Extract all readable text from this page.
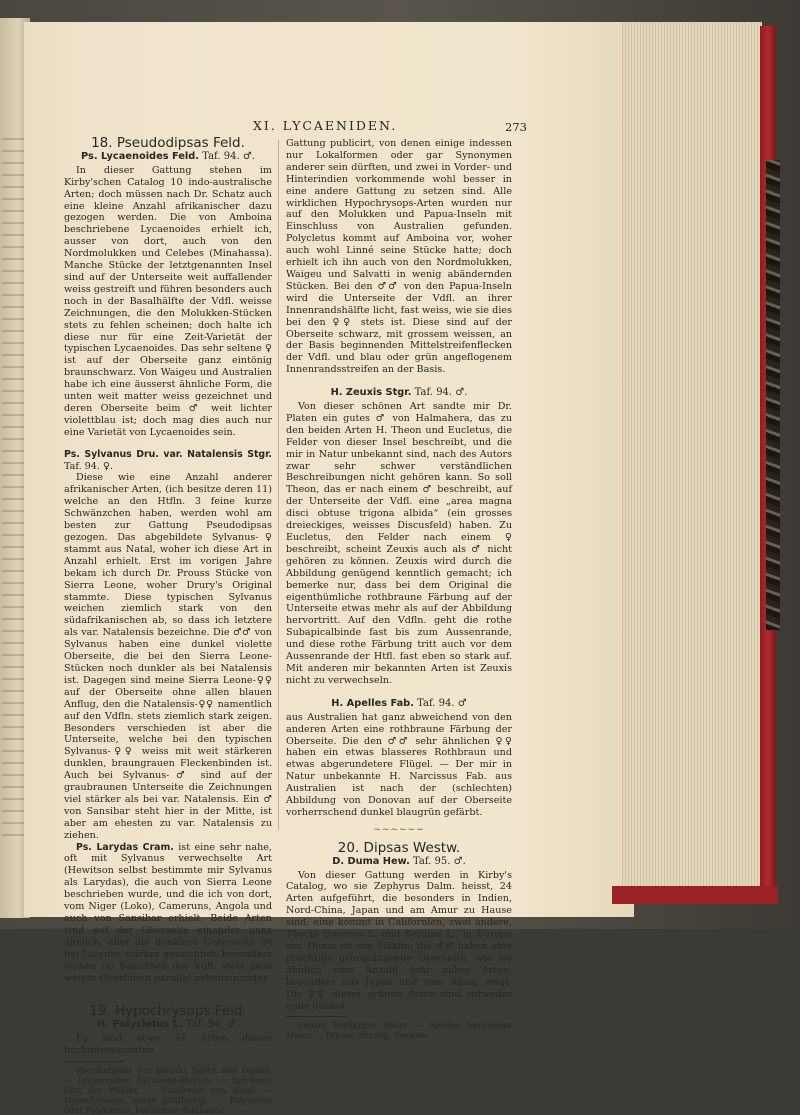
XI. LYCAENIDEN.	273
18. Pseudodipsas Feld.
Ps. Lycaenoides Feld. Taf. 94. ♂.

In dieser Gattung stehen im Kirby'schen Catalog 10 indo-australische Arten; doch müssen nach Dr. Schatz auch eine kleine Anzahl afrikanischer dazu gezogen werden. Die von Amboina beschriebene Lycaenoides erhielt ich, ausser von dort, auch von den Nordmolukken und Celebes (Minahassa). Manche Stücke der letztgenannten Insel sind auf der Unterseite weit auffallender weiss gestreift und führen besonders auch noch in der Basalhälfte der Vdfl. weisse Zeichnungen, die den Molukken-Stücken stets zu fehlen scheinen; doch halte ich diese nur für eine Zeit-Varietät der typischen Lycaenoides. Das sehr seltene ♀ ist auf der Oberseite ganz eintönig braunschwarz. Von Waigeu und Australien habe ich eine äusserst ähnliche Form, die unten weit matter weiss gezeichnet und deren Oberseite beim ♂ weit lichter violettblau ist; doch mag dies auch nur eine Varietät von Lycaenoides sein.

Ps. Sylvanus Dru. var. Natalensis Stgr. Taf. 94. ♀.

Diese wie eine Anzahl anderer afrikanischer Arten, (ich besitze deren 11) welche an den Htfln. 3 feine kurze Schwänzchen haben, werden wohl am besten zur Gattung Pseudodipsas gezogen. Das abgebildete Sylvanus-♀ stammt aus Natal, woher ich diese Art in Anzahl erhielt. Erst im vorigen Jahre bekam ich durch Dr. Prouss Stücke von Sierra Leone, woher Drury's Original stammte. Diese typischen Sylvanus weichen ziemlich stark von den südafrikanischen ab, so dass ich letztere als var. Natalensis bezeichne. Die ♂♂ von Sylvanus haben eine dunkel violette Oberseite, die bei den Sierra Leone-Stücken noch dunkler als bei Natalensis ist. Dagegen sind meine Sierra Leone-♀♀ auf der Oberseite ohne allen blauen Anflug, den die Natalensis-♀♀ namentlich auf den Vdfln. stets ziemlich stark zeigen. Besonders verschieden ist aber die Unterseite, welche bei den typischen Sylvanus-♀♀ weiss mit weit stärkeren dunklen, braungrauen Fleckenbinden ist. Auch bei Sylvanus-♂ sind auf der graubraunen Unterseite die Zeichnungen viel stärker als bei var. Natalensis. Ein ♂ von Sansibar steht hier in der Mitte, ist aber am ehesten zu var. Natalensis zu ziehen.

Ps. Larydas Cram. ist eine sehr nahe, oft mit Sylvanus verwechselte Art (Hewitson selbst bestimmte mir Sylvanus als Larydas), die auch von Sierra Leone beschrieben wurde, und die ich von dort, vom Niger (Loko), Cameruns, Angola und auch von Sansibar erhielt. Beide Arten sind auf der Oberseite einander ganz ähnlich, aber die dunklere Unterseite ist bei Larydas stärker gezeichnet, besonders stehen im Basaltheil der Vdfl. stets zwei weisse Querlinien parallel nebeneinander.

19. Hypochrysops Feld.
H. Polycletus L. Taf. 94. ♂.

Es sind etwa 24 Arten dieser hochinteressanten

Pseudodipsas von pseudo, falsch und Dipsas. — Lycaenoides, Lycaenen-ähnlich. — Sylvanus, Gott der Wälder. — Natalensis von Natal. — Hypochrysops, unten goldfarbig. — Polycletus oder Polykleitos, berühmter Bildhauer.

Gattung publicirt, von denen einige indessen nur Lokalformen oder gar Synonymen anderer sein dürften, und zwei in Vorder- und Hinterindien vorkommende wohl besser in eine andere Gattung zu setzen sind. Alle wirklichen Hypochrysops-Arten wurden nur auf den Molukken und Papua-Inseln mit Einschluss von Australien gefunden. Polycletus kommt auf Amboina vor, woher auch wohl Linné seine Stücke hatte; doch erhielt ich ihn auch von den Nordmolukken, Waigeu und Salvatti in wenig abändernden Stücken. Bei den ♂♂ von den Papua-Inseln wird die Unterseite der Vdfl. an ihrer Innenrandshälfte licht, fast weiss, wie sie dies bei den ♀♀ stets ist. Diese sind auf der Oberseite schwarz, mit grossem weissen, an der Basis beginnenden Mittelstreifenflecken der Vdfl. und blau oder grün angeflogenem Innenrandsstreifen an der Basis.

H. Zeuxis Stgr. Taf. 94. ♂.

Von dieser schönen Art sandte mir Dr. Platen ein gutes ♂ von Halmahera, das zu den beiden Arten H. Theon und Eucletus, die Felder von dieser Insel beschreibt, und die mir in Natur unbekannt sind, nach des Autors zwar sehr schwer verständlichen Beschreibungen nicht gehören kann. So soll Theon, das er nach einem ♂ beschreibt, auf der Unterseite der Vdfl. eine „area magna disci obtuse trigona albida“ (ein grosses dreieckiges, weisses Discusfeld) haben. Zu Eucletus, den Felder nach einem ♀ beschreibt, scheint Zeuxis auch als ♂ nicht gehören zu können. Zeuxis wird durch die Abbildung genügend kenntlich gemacht; ich bemerke nur, dass bei dem Original die eigenthümliche rothbraune Färbung auf der Unterseite etwas mehr als auf der Abbildung hervortritt. Auf den Vdfln. geht die rothe Subapicalbinde fast bis zum Aussenrande, und diese rothe Färbung tritt auch vor dem Aussenrande der Htfl. fast eben so stark auf. Mit anderen mir bekannten Arten ist Zeuxis nicht zu verwechseln.

H. Apelles Fab. Taf. 94. ♂

aus Australien hat ganz abweichend von den anderen Arten eine rothbraune Färbung der Oberseite. Die den ♂♂ sehr ähnlichen ♀♀ haben ein etwas blasseres Rothbraun und etwas abgerundetere Flügel. — Der mir in Natur unbekannte H. Narcissus Fab. aus Australien ist nach der (schlechten) Abbildung von Donovan auf der Oberseite vorherrschend dunkel blaugrün gefärbt.

~~~~~~
20. Dipsas Westw.
D. Duma Hew. Taf. 95. ♂.

Von dieser Gattung werden in Kirby's Catalog, wo sie Zephyrus Dalm. heisst, 24 Arten aufgeführt, die besonders in Indien, Nord-China, Japan und am Amur zu Hause sind; eine kommt in Californien, zwei andere, Thecla Quercus L. und Betulae L., in Europa vor. Duma ist von Sikkim; die ♂♂ haben eine prächtige grünglänzende Oberseite, wie sie ähnlich eine Anzahl sehr naher Arten, besonders aus Japan und vom Amur, zeigt. Die ♀♀ dieser grünen Arten sind entweder ganz dunkel

Zeuxis, berühmter Maler. — Apelles, berühmter Maler. — Dipsas, durstig, trocken.
